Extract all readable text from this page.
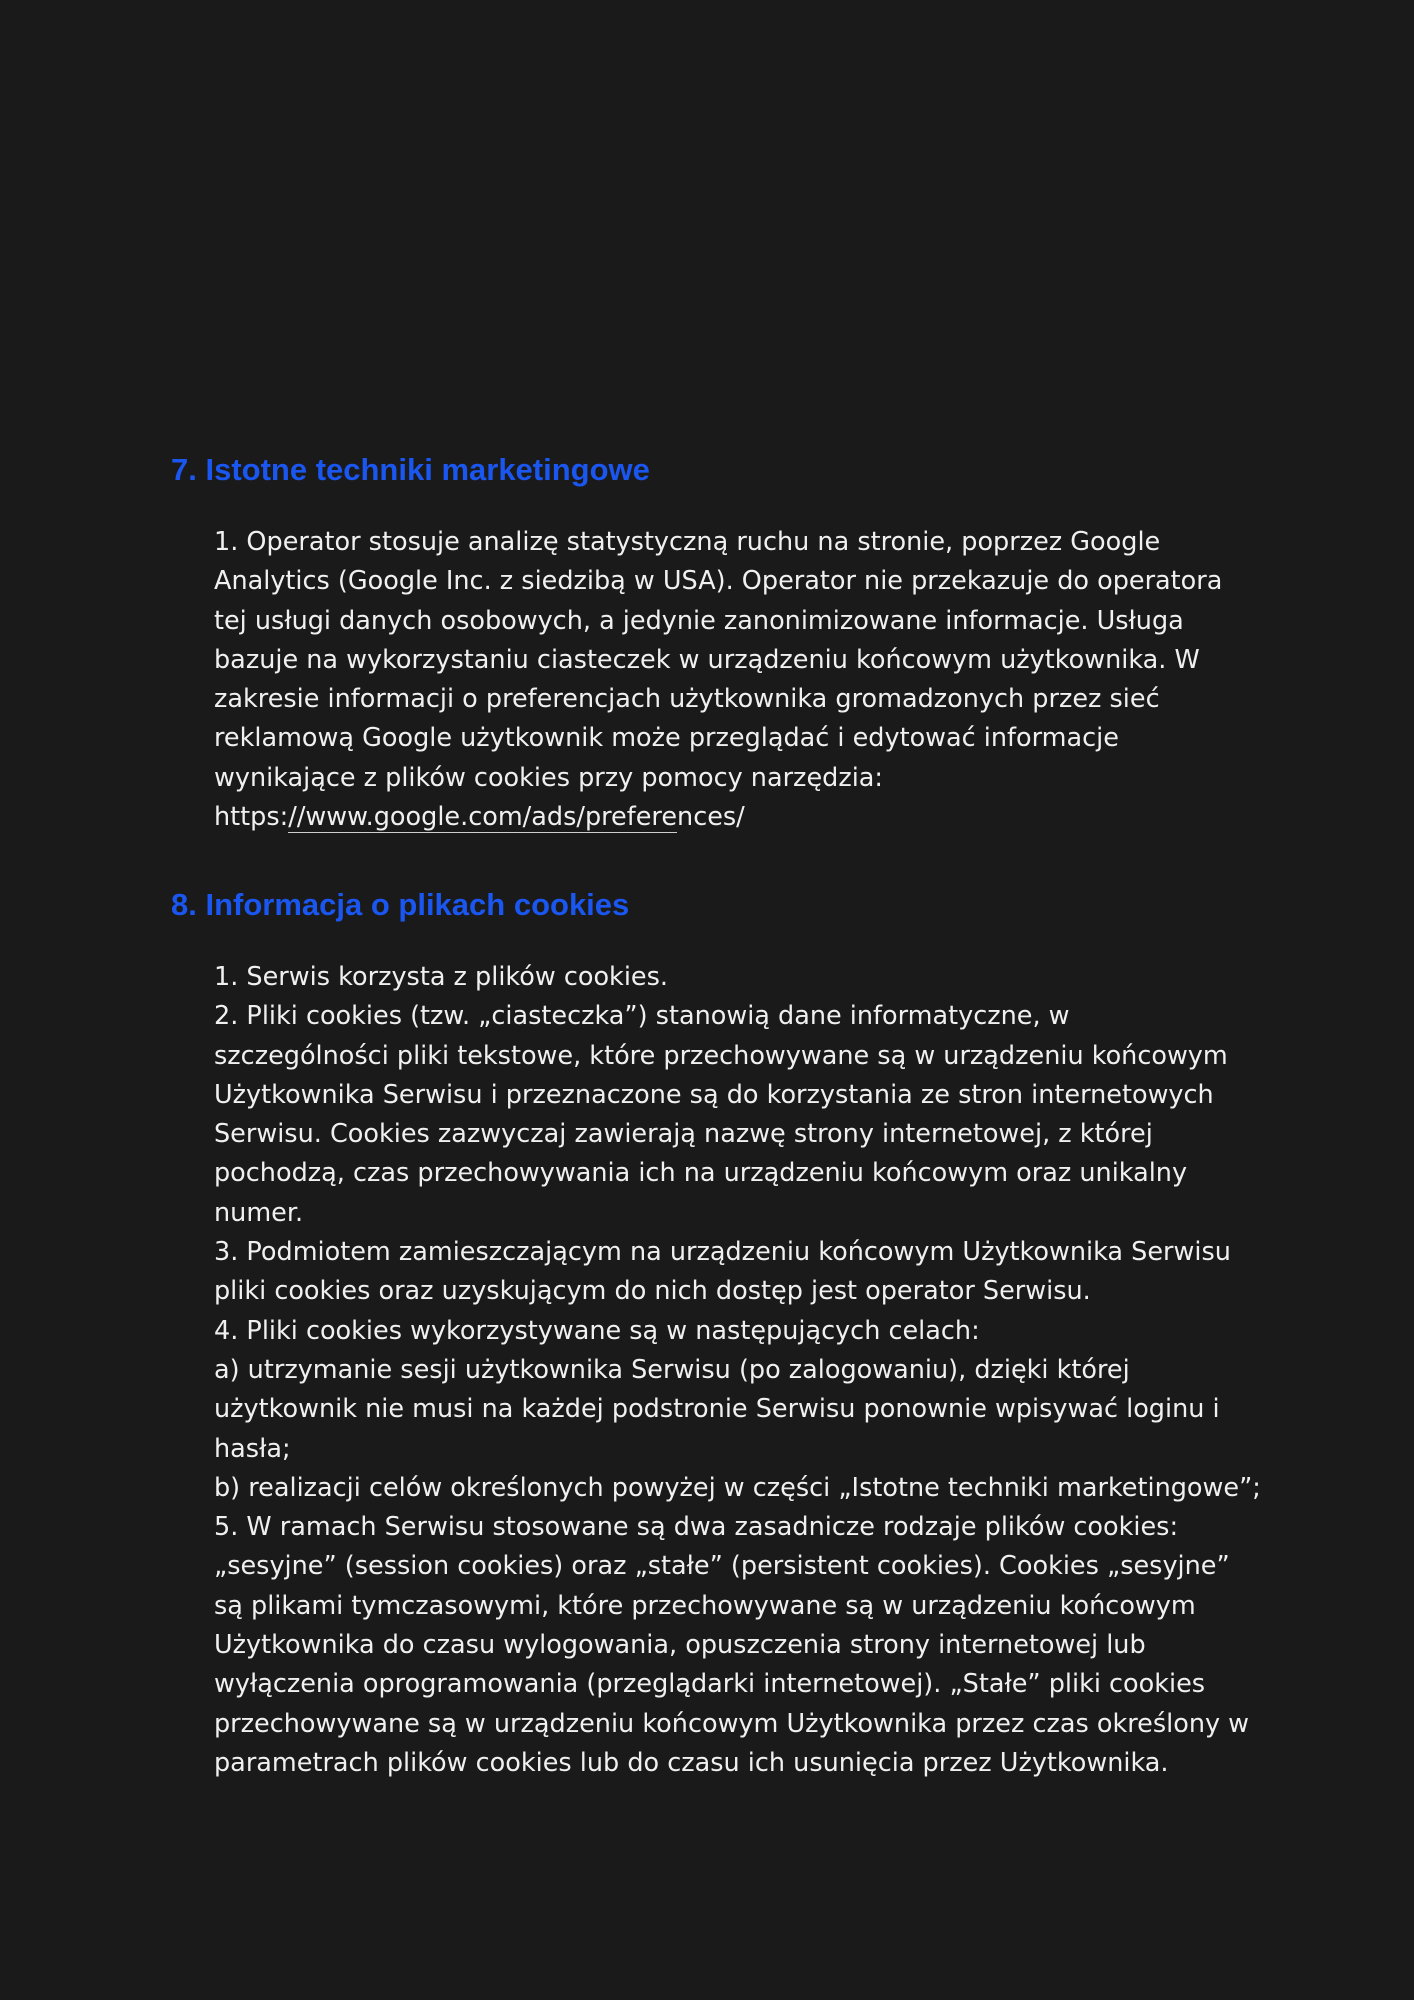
7. Istotne techniki marketingowe

1. Operator stosuje analizę statystyczną ruchu na stronie, poprzez Google

Analytics (Google Inc. z siedzibą w USA). Operator nie przekazuje do operatora

tej usługi danych osobowych, a jedynie zanonimizowane informacje. Usługa

bazuje na wykorzystaniu ciasteczek w urządzeniu końcowym użytkownika. W

zakresie informacji o preferencjach użytkownika gromadzonych przez sieć

reklamową Google użytkownik może przeglądać i edytować informacje

wynikające z plików cookies przy pomocy narzędzia:

https://www.google.com/ads/preferences/

8. Informacja o plikach cookies

1. Serwis korzysta z plików cookies.

2. Pliki cookies (tzw. „ciasteczka”) stanowią dane informatyczne, w

szczególności pliki tekstowe, które przechowywane są w urządzeniu końcowym

Użytkownika Serwisu i przeznaczone są do korzystania ze stron internetowych

Serwisu. Cookies zazwyczaj zawierają nazwę strony internetowej, z której

pochodzą, czas przechowywania ich na urządzeniu końcowym oraz unikalny

numer.

3. Podmiotem zamieszczającym na urządzeniu końcowym Użytkownika Serwisu

pliki cookies oraz uzyskującym do nich dostęp jest operator Serwisu.

4. Pliki cookies wykorzystywane są w następujących celach:

a) utrzymanie sesji użytkownika Serwisu (po zalogowaniu), dzięki której

użytkownik nie musi na każdej podstronie Serwisu ponownie wpisywać loginu i

hasła;

b) realizacji celów określonych powyżej w części „Istotne techniki marketingowe”;

5. W ramach Serwisu stosowane są dwa zasadnicze rodzaje plików cookies:

„sesyjne” (session cookies) oraz „stałe” (persistent cookies). Cookies „sesyjne”

są plikami tymczasowymi, które przechowywane są w urządzeniu końcowym

Użytkownika do czasu wylogowania, opuszczenia strony internetowej lub

wyłączenia oprogramowania (przeglądarki internetowej). „Stałe” pliki cookies

przechowywane są w urządzeniu końcowym Użytkownika przez czas określony w

parametrach plików cookies lub do czasu ich usunięcia przez Użytkownika.
